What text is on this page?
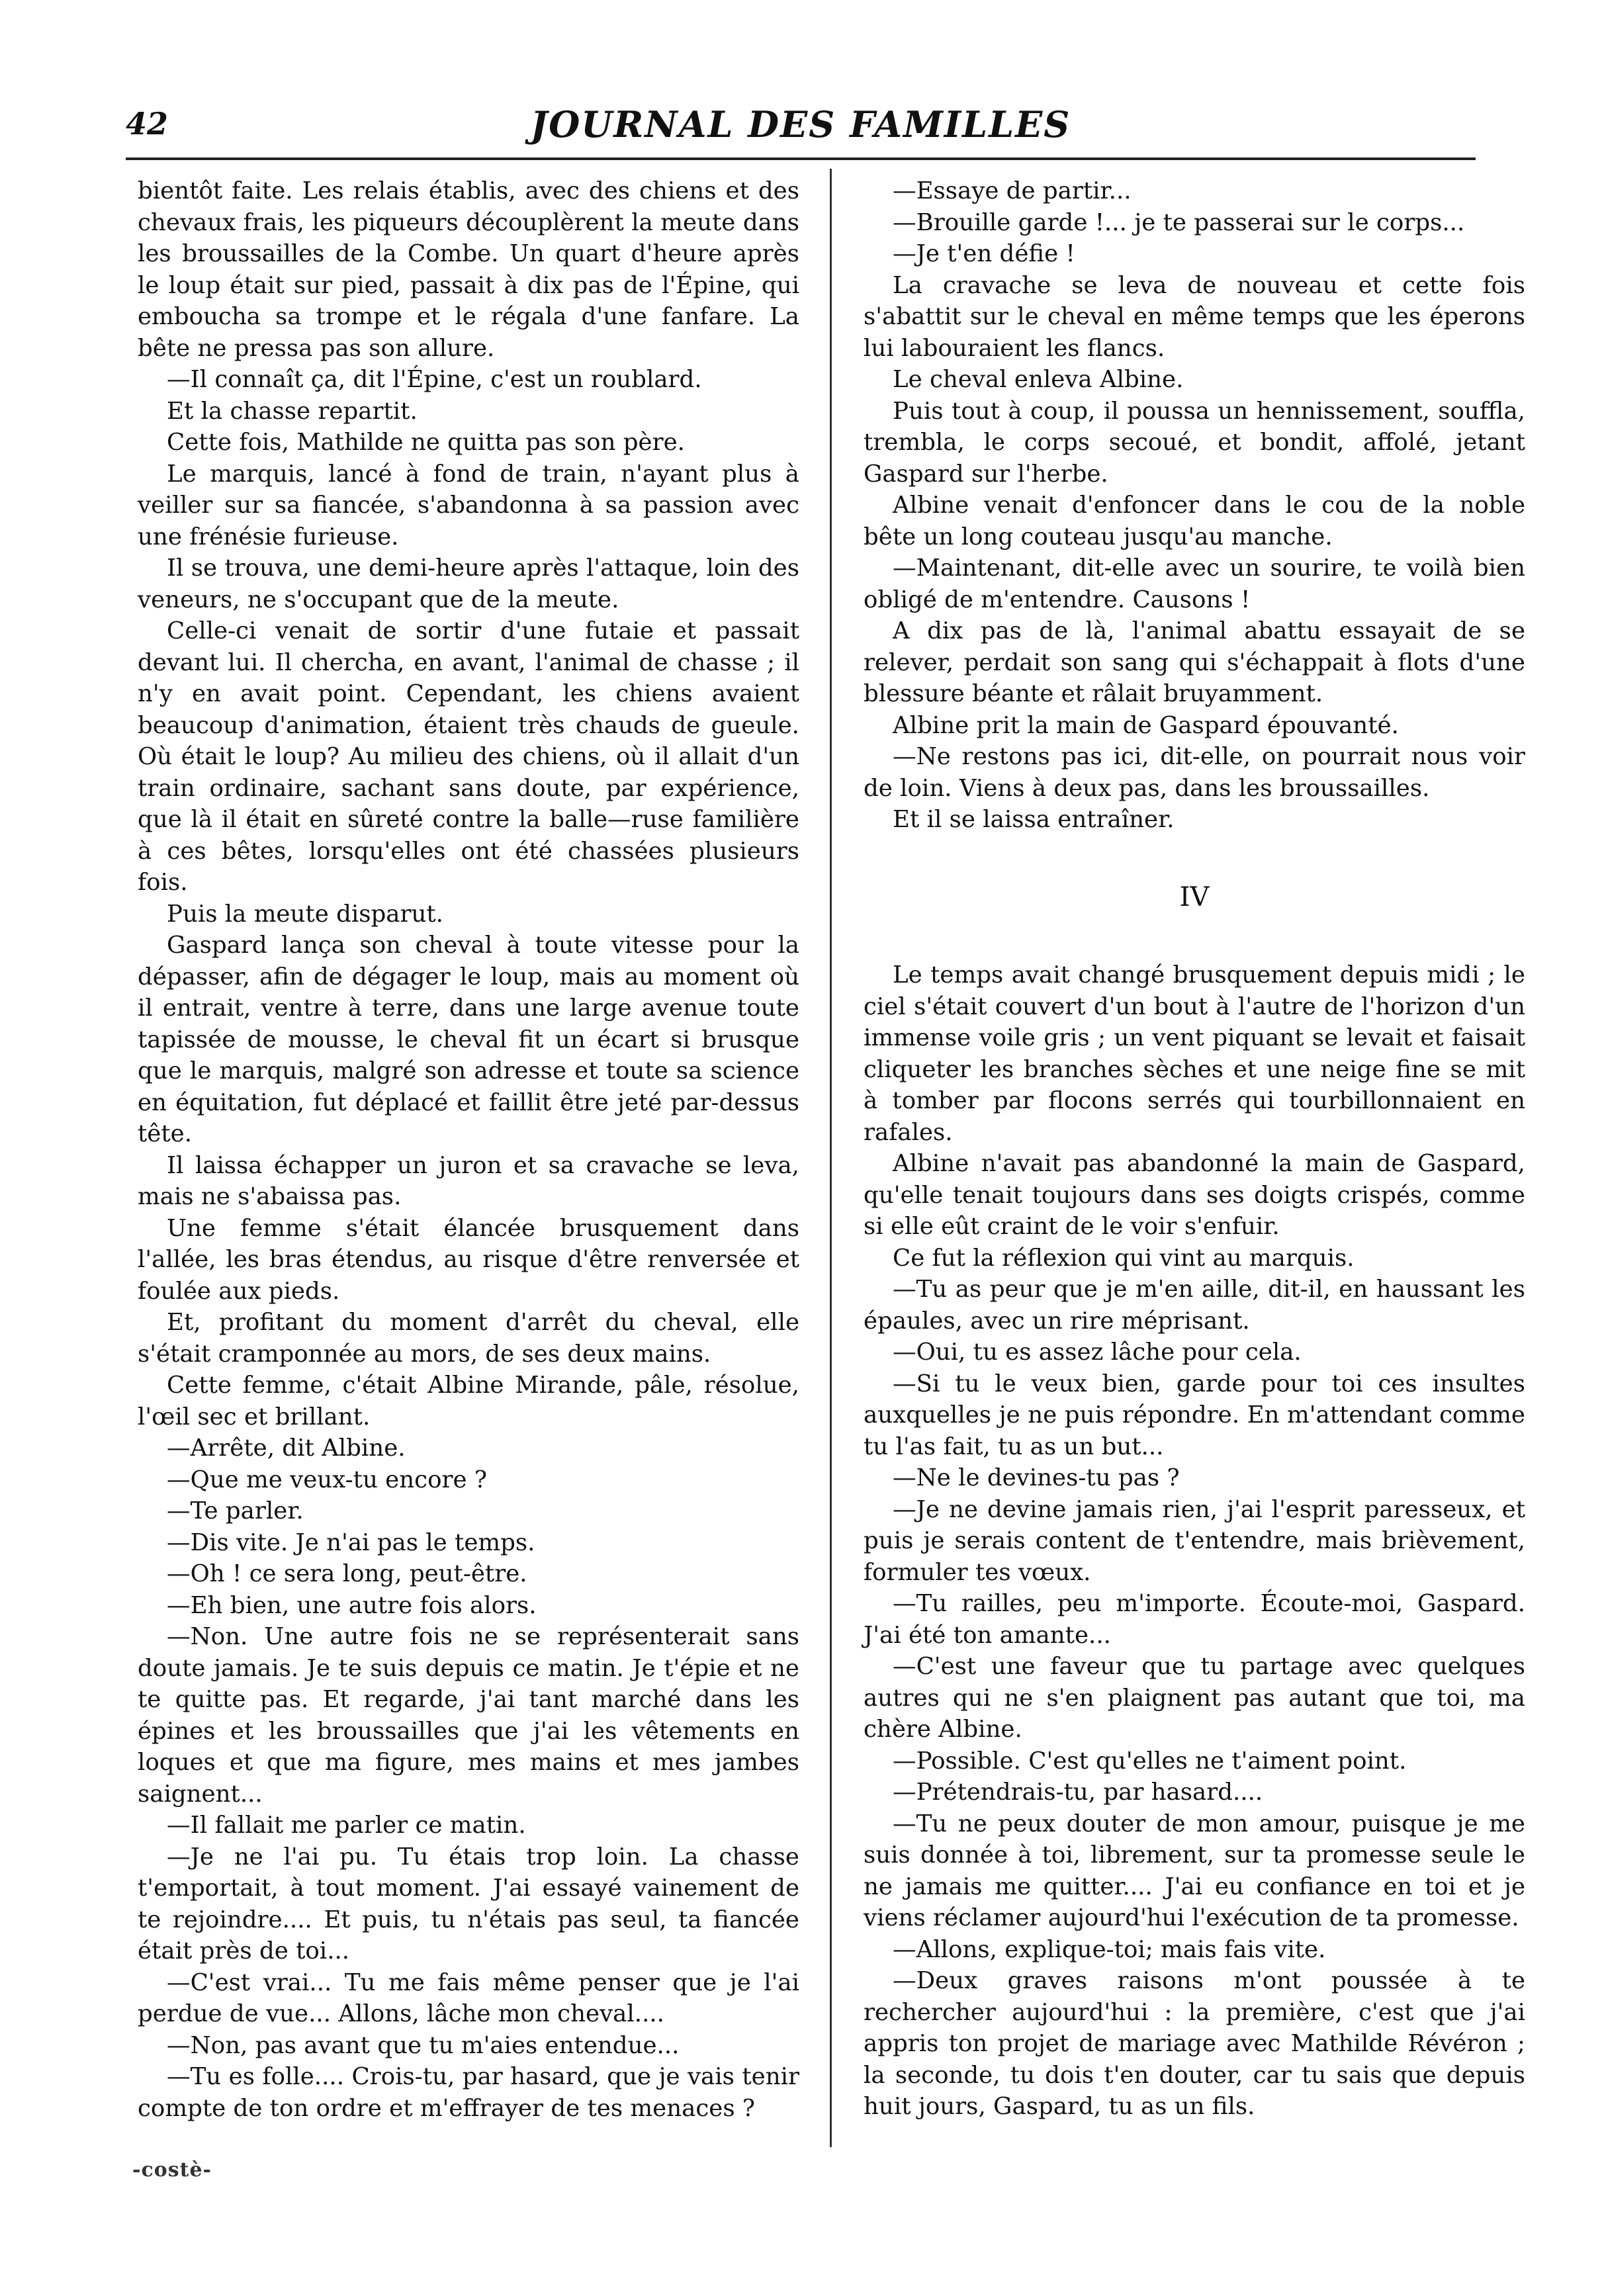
42	JOURNAL DES FAMILLES

bientôt faite. Les relais établis, avec des chiens et des chevaux frais, les piqueurs découplèrent la meute dans les broussailles de la Combe. Un quart d'heure après le loup était sur pied, passait à dix pas de l'Épine, qui emboucha sa trompe et le régala d'une fanfare. La bête ne pressa pas son allure.

—Il connaît ça, dit l'Épine, c'est un roublard.

Et la chasse repartit.

Cette fois, Mathilde ne quitta pas son père.

Le marquis, lancé à fond de train, n'ayant plus à veiller sur sa fiancée, s'abandonna à sa passion avec une frénésie furieuse.

Il se trouva, une demi-heure après l'attaque, loin des veneurs, ne s'occupant que de la meute.

Celle-ci venait de sortir d'une futaie et passait devant lui. Il chercha, en avant, l'animal de chasse ; il n'y en avait point. Cependant, les chiens avaient beaucoup d'animation, étaient très chauds de gueule. Où était le loup? Au milieu des chiens, où il allait d'un train ordinaire, sachant sans doute, par expérience, que là il était en sûreté contre la balle—ruse familière à ces bêtes, lorsqu'elles ont été chassées plusieurs fois.

Puis la meute disparut.

Gaspard lança son cheval à toute vitesse pour la dépasser, afin de dégager le loup, mais au moment où il entrait, ventre à terre, dans une large avenue toute tapissée de mousse, le cheval fit un écart si brusque que le marquis, malgré son adresse et toute sa science en équitation, fut déplacé et faillit être jeté par-dessus tête.

Il laissa échapper un juron et sa cravache se leva, mais ne s'abaissa pas.

Une femme s'était élancée brusquement dans l'allée, les bras étendus, au risque d'être renversée et foulée aux pieds.

Et, profitant du moment d'arrêt du cheval, elle s'était cramponnée au mors, de ses deux mains.

Cette femme, c'était Albine Mirande, pâle, résolue, l'œil sec et brillant.

—Arrête, dit Albine.

—Que me veux-tu encore ?

—Te parler.

—Dis vite. Je n'ai pas le temps.

—Oh ! ce sera long, peut-être.

—Eh bien, une autre fois alors.

—Non. Une autre fois ne se représenterait sans doute jamais. Je te suis depuis ce matin. Je t'épie et ne te quitte pas. Et regarde, j'ai tant marché dans les épines et les broussailles que j'ai les vêtements en loques et que ma figure, mes mains et mes jambes saignent...

—Il fallait me parler ce matin.

—Je ne l'ai pu. Tu étais trop loin. La chasse t'emportait, à tout moment. J'ai essayé vainement de te rejoindre.... Et puis, tu n'étais pas seul, ta fiancée était près de toi...

—C'est vrai... Tu me fais même penser que je l'ai perdue de vue... Allons, lâche mon cheval....

—Non, pas avant que tu m'aies entendue...

—Tu es folle.... Crois-tu, par hasard, que je vais tenir compte de ton ordre et m'effrayer de tes menaces ?

—Essaye de partir...

—Brouille garde !... je te passerai sur le corps...

—Je t'en défie !

La cravache se leva de nouveau et cette fois s'abattit sur le cheval en même temps que les éperons lui labouraient les flancs.

Le cheval enleva Albine.

Puis tout à coup, il poussa un hennissement, souffla, trembla, le corps secoué, et bondit, affolé, jetant Gaspard sur l'herbe.

Albine venait d'enfoncer dans le cou de la noble bête un long couteau jusqu'au manche.

—Maintenant, dit-elle avec un sourire, te voilà bien obligé de m'entendre. Causons !

A dix pas de là, l'animal abattu essayait de se relever, perdait son sang qui s'échappait à flots d'une blessure béante et râlait bruyamment.

Albine prit la main de Gaspard épouvanté.

—Ne restons pas ici, dit-elle, on pourrait nous voir de loin. Viens à deux pas, dans les broussailles.

Et il se laissa entraîner.

IV

Le temps avait changé brusquement depuis midi ; le ciel s'était couvert d'un bout à l'autre de l'horizon d'un immense voile gris ; un vent piquant se levait et faisait cliqueter les branches sèches et une neige fine se mit à tomber par flocons serrés qui tourbillonnaient en rafales.

Albine n'avait pas abandonné la main de Gaspard, qu'elle tenait toujours dans ses doigts crispés, comme si elle eût craint de le voir s'enfuir.

Ce fut la réflexion qui vint au marquis.

—Tu as peur que je m'en aille, dit-il, en haussant les épaules, avec un rire méprisant.

—Oui, tu es assez lâche pour cela.

—Si tu le veux bien, garde pour toi ces insultes auxquelles je ne puis répondre. En m'attendant comme tu l'as fait, tu as un but...

—Ne le devines-tu pas ?

—Je ne devine jamais rien, j'ai l'esprit paresseux, et puis je serais content de t'entendre, mais brièvement, formuler tes vœux.

—Tu railles, peu m'importe. Écoute-moi, Gaspard. J'ai été ton amante...

—C'est une faveur que tu partage avec quelques autres qui ne s'en plaignent pas autant que toi, ma chère Albine.

—Possible. C'est qu'elles ne t'aiment point.

—Prétendrais-tu, par hasard....

—Tu ne peux douter de mon amour, puisque je me suis donnée à toi, librement, sur ta promesse seule le ne jamais me quitter.... J'ai eu confiance en toi et je viens réclamer aujourd'hui l'exécution de ta promesse.

—Allons, explique-toi; mais fais vite.

—Deux graves raisons m'ont poussée à te rechercher aujourd'hui : la première, c'est que j'ai appris ton projet de mariage avec Mathilde Révéron ; la seconde, tu dois t'en douter, car tu sais que depuis huit jours, Gaspard, tu as un fils.

-costè-
